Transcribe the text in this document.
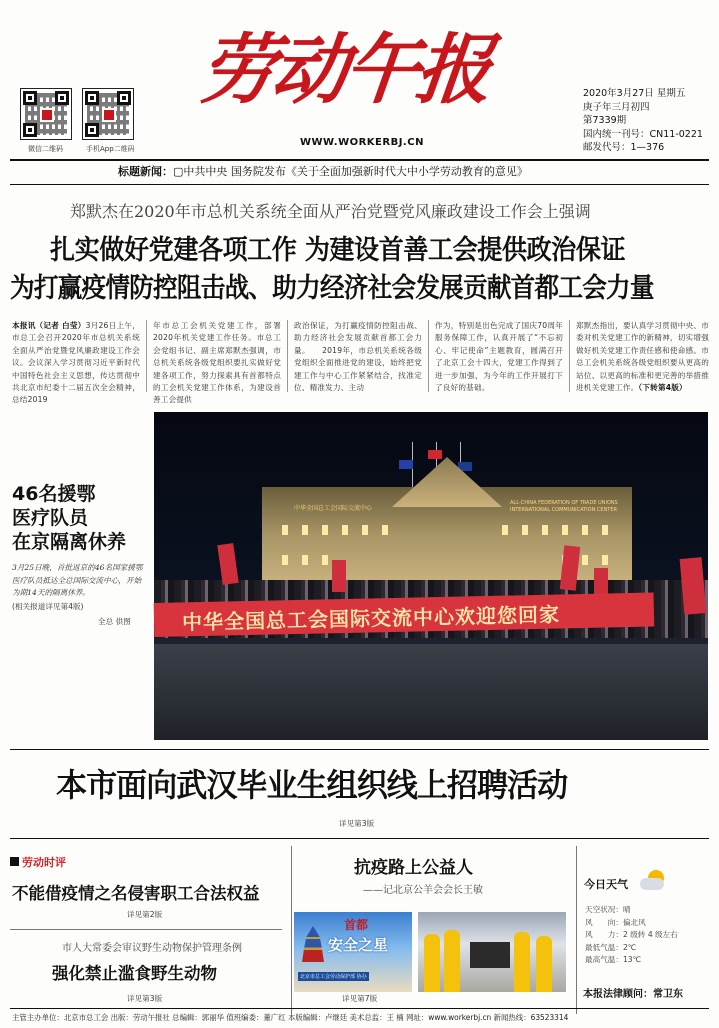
微信二维码	手机App二维码
劳动午报
WWW.WORKERBJ.CN
2020年3月27日 星期五
庚子年三月初四
第7339期
国内统一刊号：CN11-0221
邮发代号：1—376
标题新闻：▢中共中央 国务院发布《关于全面加强新时代大中小学劳动教育的意见》
郑默杰在2020年市总机关系统全面从严治党暨党风廉政建设工作会上强调
扎实做好党建各项工作 为建设首善工会提供政治保证
为打赢疫情防控阻击战、助力经济社会发展贡献首都工会力量
本报讯（记者 白莹）3月26日上午，市总工会召开2020年市总机关系统全面从严治党暨党风廉政建设工作会议。会议深入学习贯彻习近平新时代中国特色社会主义思想，传达贯彻中共北京市纪委十二届五次全会精神，总结2019
年市总工会机关党建工作，部署2020年机关党建工作任务。市总工会党组书记、副主席郑默杰强调，市总机关系统各级党组织要扎实做好党建各项工作，努力探索具有首都特点的工会机关党建工作体系，为建设首善工会提供
政治保证，为打赢疫情防控阻击战、助力经济社会发展贡献首都工会力量。　　2019年，市总机关系统各级党组织全面推进党的建设，始终把党建工作与中心工作紧紧结合，找准定位、精准发力、主动
作为，特别是出色完成了国庆70周年服务保障工作，认真开展了“不忘初心、牢记使命”主题教育，圆满召开了北京工会十四大，党建工作得到了进一步加强，为今年的工作开展打下了良好的基础。
郑默杰指出，要认真学习贯彻中央、市委对机关党建工作的新精神，切实增强做好机关党建工作责任感和使命感。市总工会机关系统各级党组织要从更高的站位、以更高的标准和更完善的举措推进机关党建工作。（下转第4版）
46名援鄂
医疗队员
在京隔离休养
3月25日晚，首批返京的46名国家援鄂医疗队员抵达全总国际交流中心，开始为期14天的隔离休养。
(相关报道详见第4版)
全总 供图
中华全国总工会国际交流中心
ALL-CHINA FEDERATION OF TRADE UNIONS
INTERNATIONAL COMMUNICATION CENTER
中华全国总工会国际交流中心欢迎您回家
本市面向武汉毕业生组织线上招聘活动
详见第3版
劳动时评
不能借疫情之名侵害职工合法权益
详见第2版
市人大常委会审议野生动物保护管理条例
强化禁止滥食野生动物
详见第3版
抗疫路上公益人
——记北京公羊会会长王敏
首都
安全之星
北京市总工会劳动保护部 协办
详见第7版
今日天气
天空状况：晴
风　　向：偏北风
风　　力：2 级转 4 级左右
最低气温：2℃
最高气温：13℃
本报法律顾问：常卫东
主管主办单位：北京市总工会 出版：劳动午报社 总编辑：郭丽华 值班编委：董广红 本版编辑：卢继廷 美术总监：王 楠 网址：www.workerbj.cn 新闻热线：63523314
